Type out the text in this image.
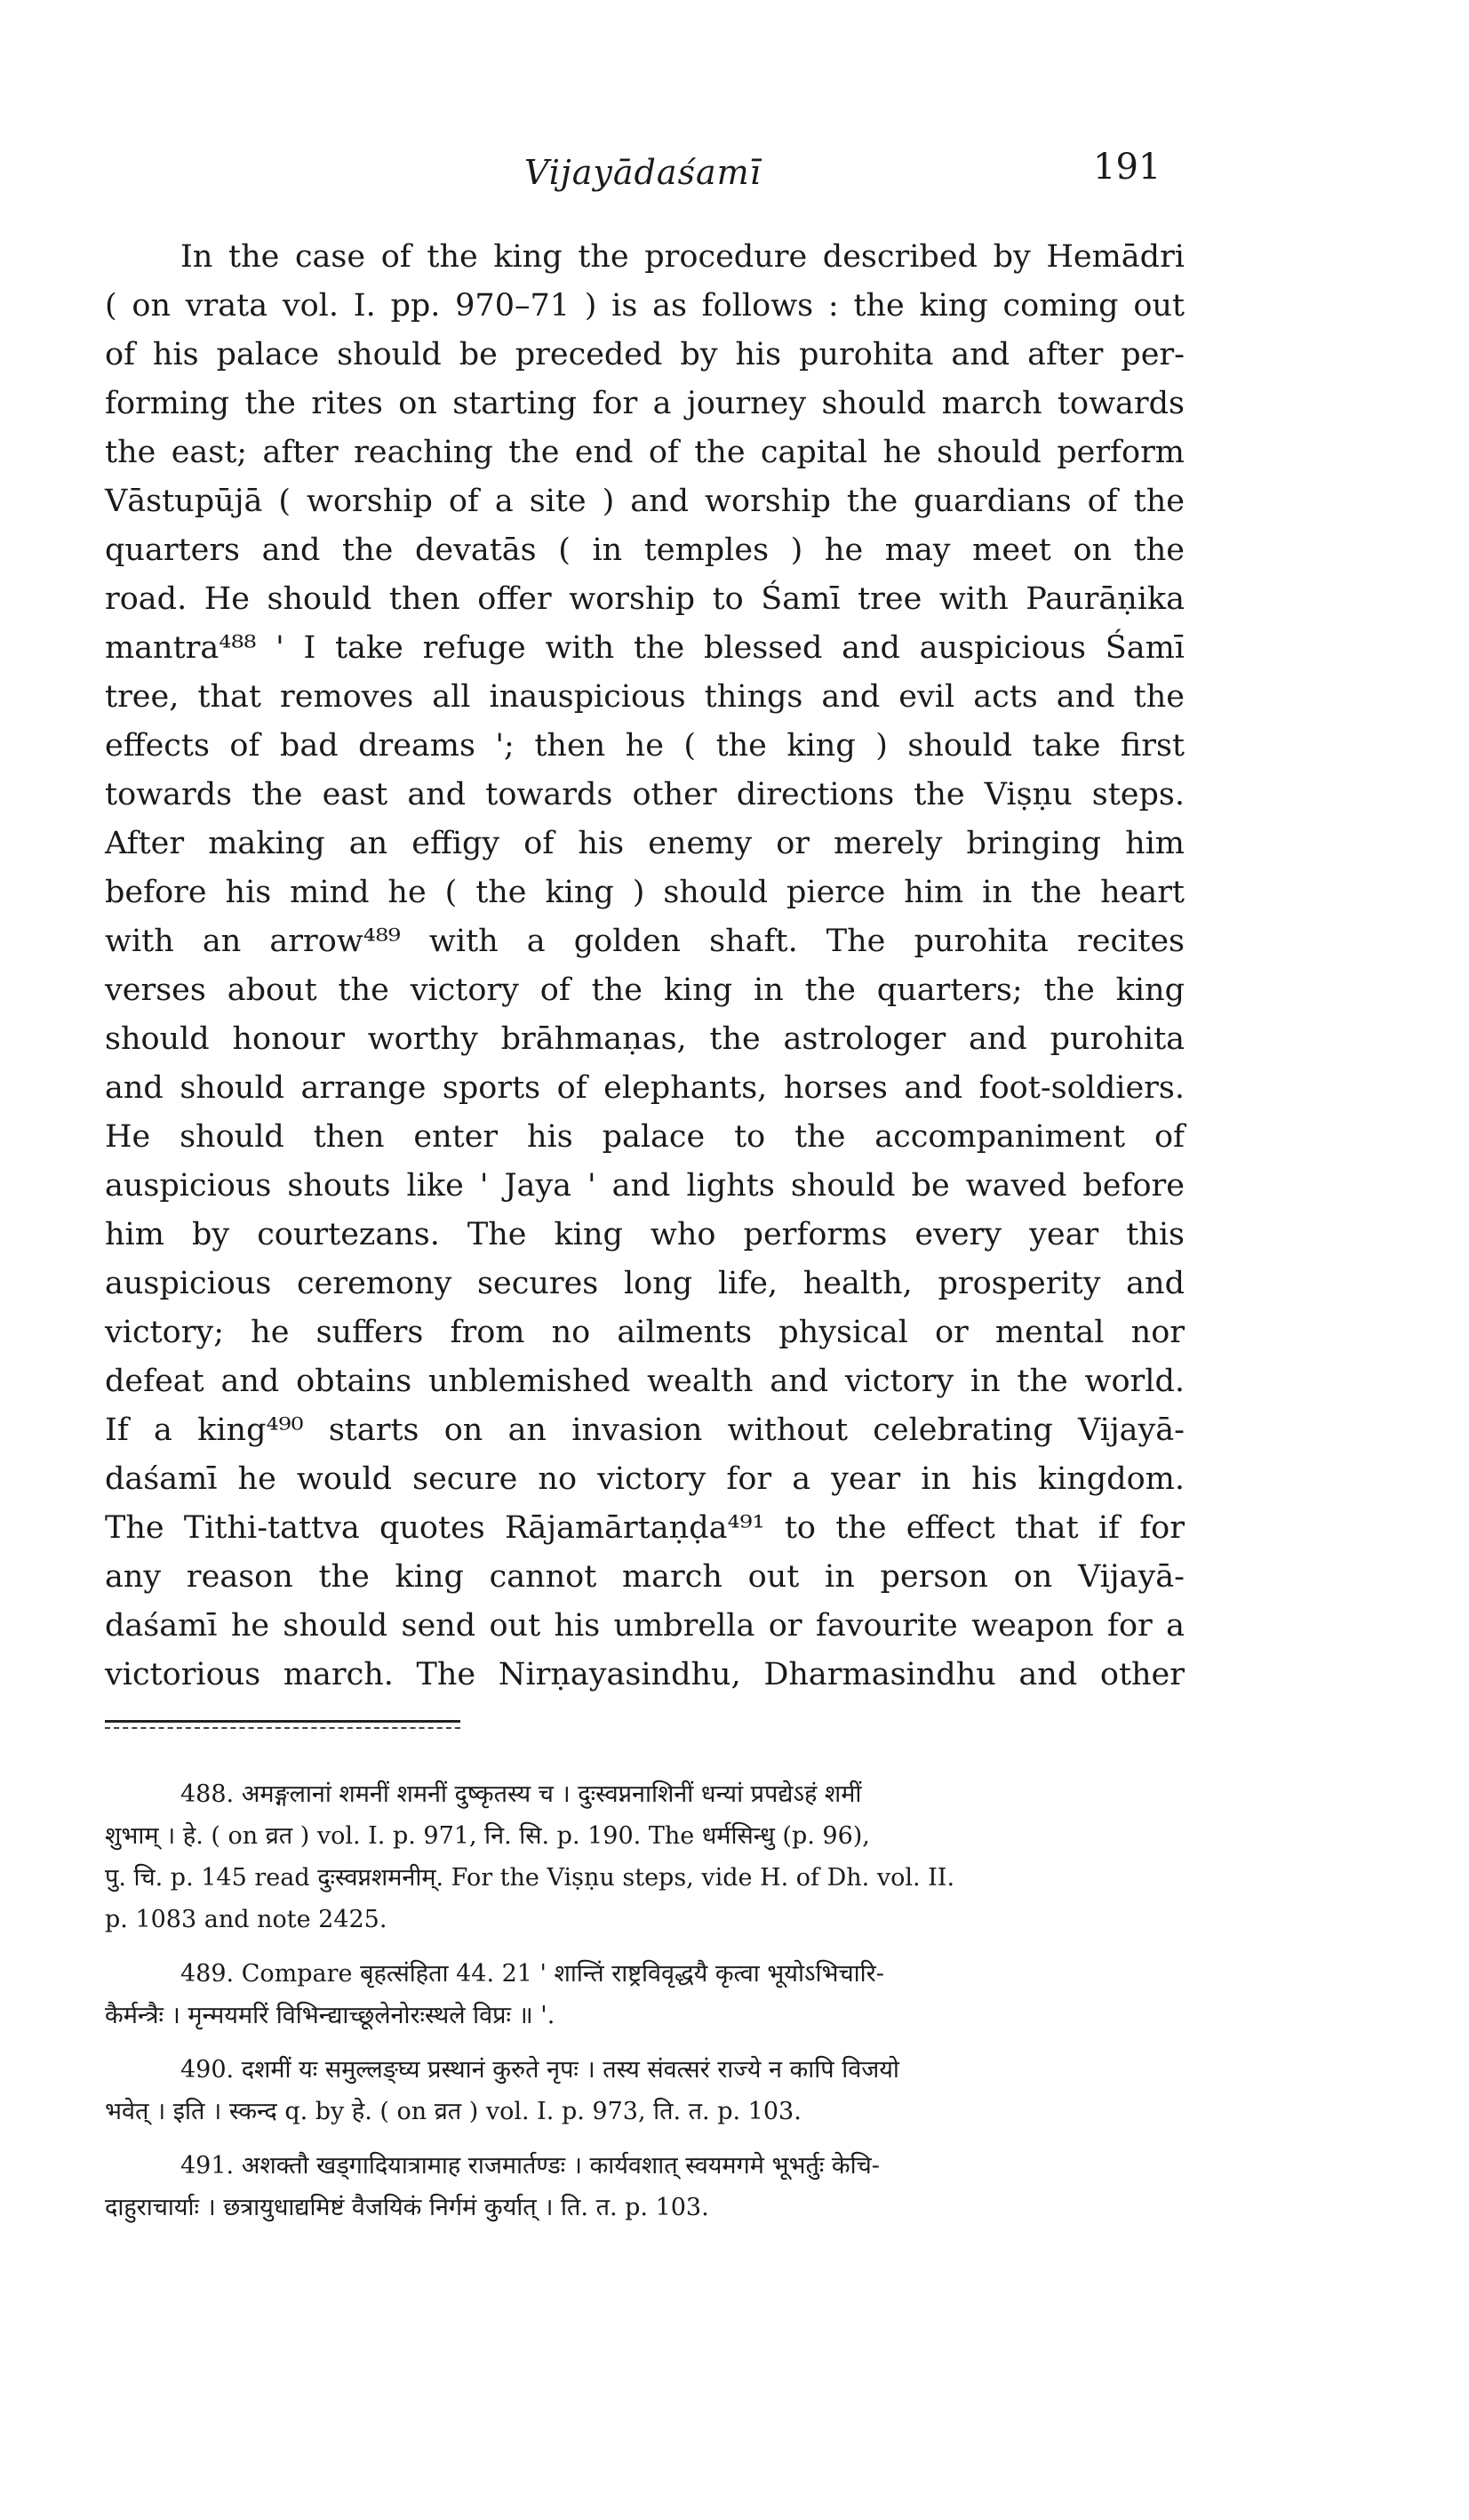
Vijayādaśamī	191
In the case of the king the procedure described by Hemādri
( on vrata vol. I. pp. 970–71 ) is as follows : the king coming out
of his palace should be preceded by his purohita and after per-
forming the rites on starting for a journey should march towards
the east; after reaching the end of the capital he should perform
Vāstupūjā ( worship of a site ) and worship the guardians of the
quarters and the devatās ( in temples ) he may meet on the
road. He should then offer worship to Śamī tree with Paurāṇika
mantra⁴⁸⁸ ' I take refuge with the blessed and auspicious Śamī
tree, that removes all inauspicious things and evil acts and the
effects of bad dreams '; then he ( the king ) should take first
towards the east and towards other directions the Viṣṇu steps.
After making an effigy of his enemy or merely bringing him
before his mind he ( the king ) should pierce him in the heart
with an arrow⁴⁸⁹ with a golden shaft. The purohita recites
verses about the victory of the king in the quarters; the king
should honour worthy brāhmaṇas, the astrologer and purohita
and should arrange sports of elephants, horses and foot-soldiers.
He should then enter his palace to the accompaniment of
auspicious shouts like ' Jaya ' and lights should be waved before
him by courtezans. The king who performs every year this
auspicious ceremony secures long life, health, prosperity and
victory; he suffers from no ailments physical or mental nor
defeat and obtains unblemished wealth and victory in the world.
If a king⁴⁹⁰ starts on an invasion without celebrating Vijayā-
daśamī he would secure no victory for a year in his kingdom.
The Tithi-tattva quotes Rājamārtaṇḍa⁴⁹¹ to the effect that if for
any reason the king cannot march out in person on Vijayā-
daśamī he should send out his umbrella or favourite weapon for a
victorious march. The Nirṇayasindhu, Dharmasindhu and other
488. अमङ्गलानां शमनीं शमनीं दुष्कृतस्य च । दुःस्वप्ननाशिनीं धन्यां प्रपद्येऽहं शमीं
शुभाम् । हे. ( on व्रत ) vol. I. p. 971, नि. सि. p. 190. The धर्मसिन्धु (p. 96),
पु. चि. p. 145 read दुःस्वप्नशमनीम्. For the Viṣṇu steps, vide H. of Dh. vol. II.
p. 1083 and note 2425.
489. Compare बृहत्संहिता 44. 21 ' शान्तिं राष्ट्रविवृद्धयै कृत्वा भूयोऽभिचारि-
कैर्मन्त्रैः । मृन्मयमरिं विभिन्द्याच्छूलेनोरःस्थले विप्रः ॥ '.
490. दशमीं यः समुल्लङ्घ्य प्रस्थानं कुरुते नृपः । तस्य संवत्सरं राज्ये न कापि विजयो
भवेत् । इति । स्कन्द q. by हे. ( on व्रत ) vol. I. p. 973, ति. त. p. 103.
491. अशक्तौ खड्गादियात्रामाह राजमार्तण्डः । कार्यवशात् स्वयमगमे भूभर्तुः केचि-
दाहुराचार्याः । छत्रायुधाद्यमिष्टं वैजयिकं निर्गमं कुर्यात् । ति. त. p. 103.
